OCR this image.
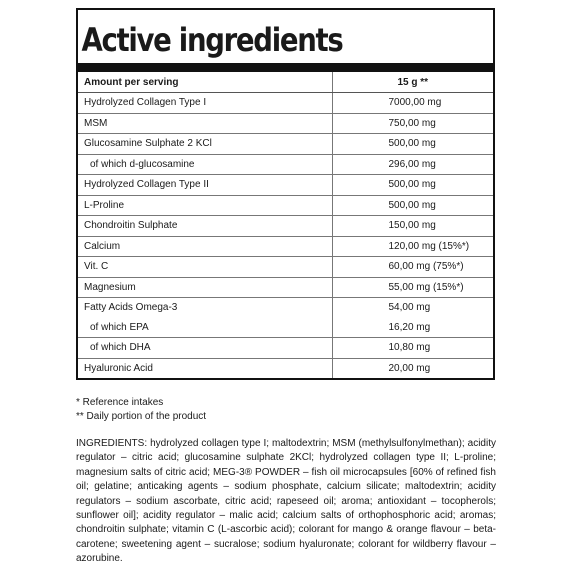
Active ingredients
Amount per serving	15 g **
Hydrolyzed Collagen Type I	7000,00 mg
MSM	750,00 mg
Glucosamine Sulphate 2 KCl	500,00 mg
of which d-glucosamine	296,00 mg
Hydrolyzed Collagen Type II	500,00 mg
L-Proline	500,00 mg
Chondroitin Sulphate	150,00 mg
Calcium	120,00 mg (15%*)
Vit. C	60,00 mg (75%*)
Magnesium	55,00 mg (15%*)
Fatty Acids Omega-3	54,00 mg
of which EPA	16,20 mg
of which DHA	10,80 mg
Hyaluronic Acid	20,00 mg
* Reference intakes
** Daily portion of the product
INGREDIENTS: hydrolyzed collagen type I; maltodextrin; MSM (methylsulfonylmethan); acidity regulator – citric acid; glucosamine sulphate 2KCl; hydrolyzed collagen type II; L-proline; magnesium salts of citric acid; MEG-3® POWDER – fish oil microcapsules [60% of refined fish oil; gelatine; anticaking agents – sodium phosphate, calcium silicate; maltodextrin; acidity regulators – sodium ascorbate, citric acid; rapeseed oil; aroma; antioxidant – tocopherols; sunflower oil]; acidity regulator – malic acid; calcium salts of orthophosphoric acid; aromas; chondroitin sulphate; vitamin C (L-ascorbic acid); colorant for mango & orange flavour – beta-carotene; sweetening agent – sucralose; sodium hyaluronate; colorant for wildberry flavour – azorubine.
